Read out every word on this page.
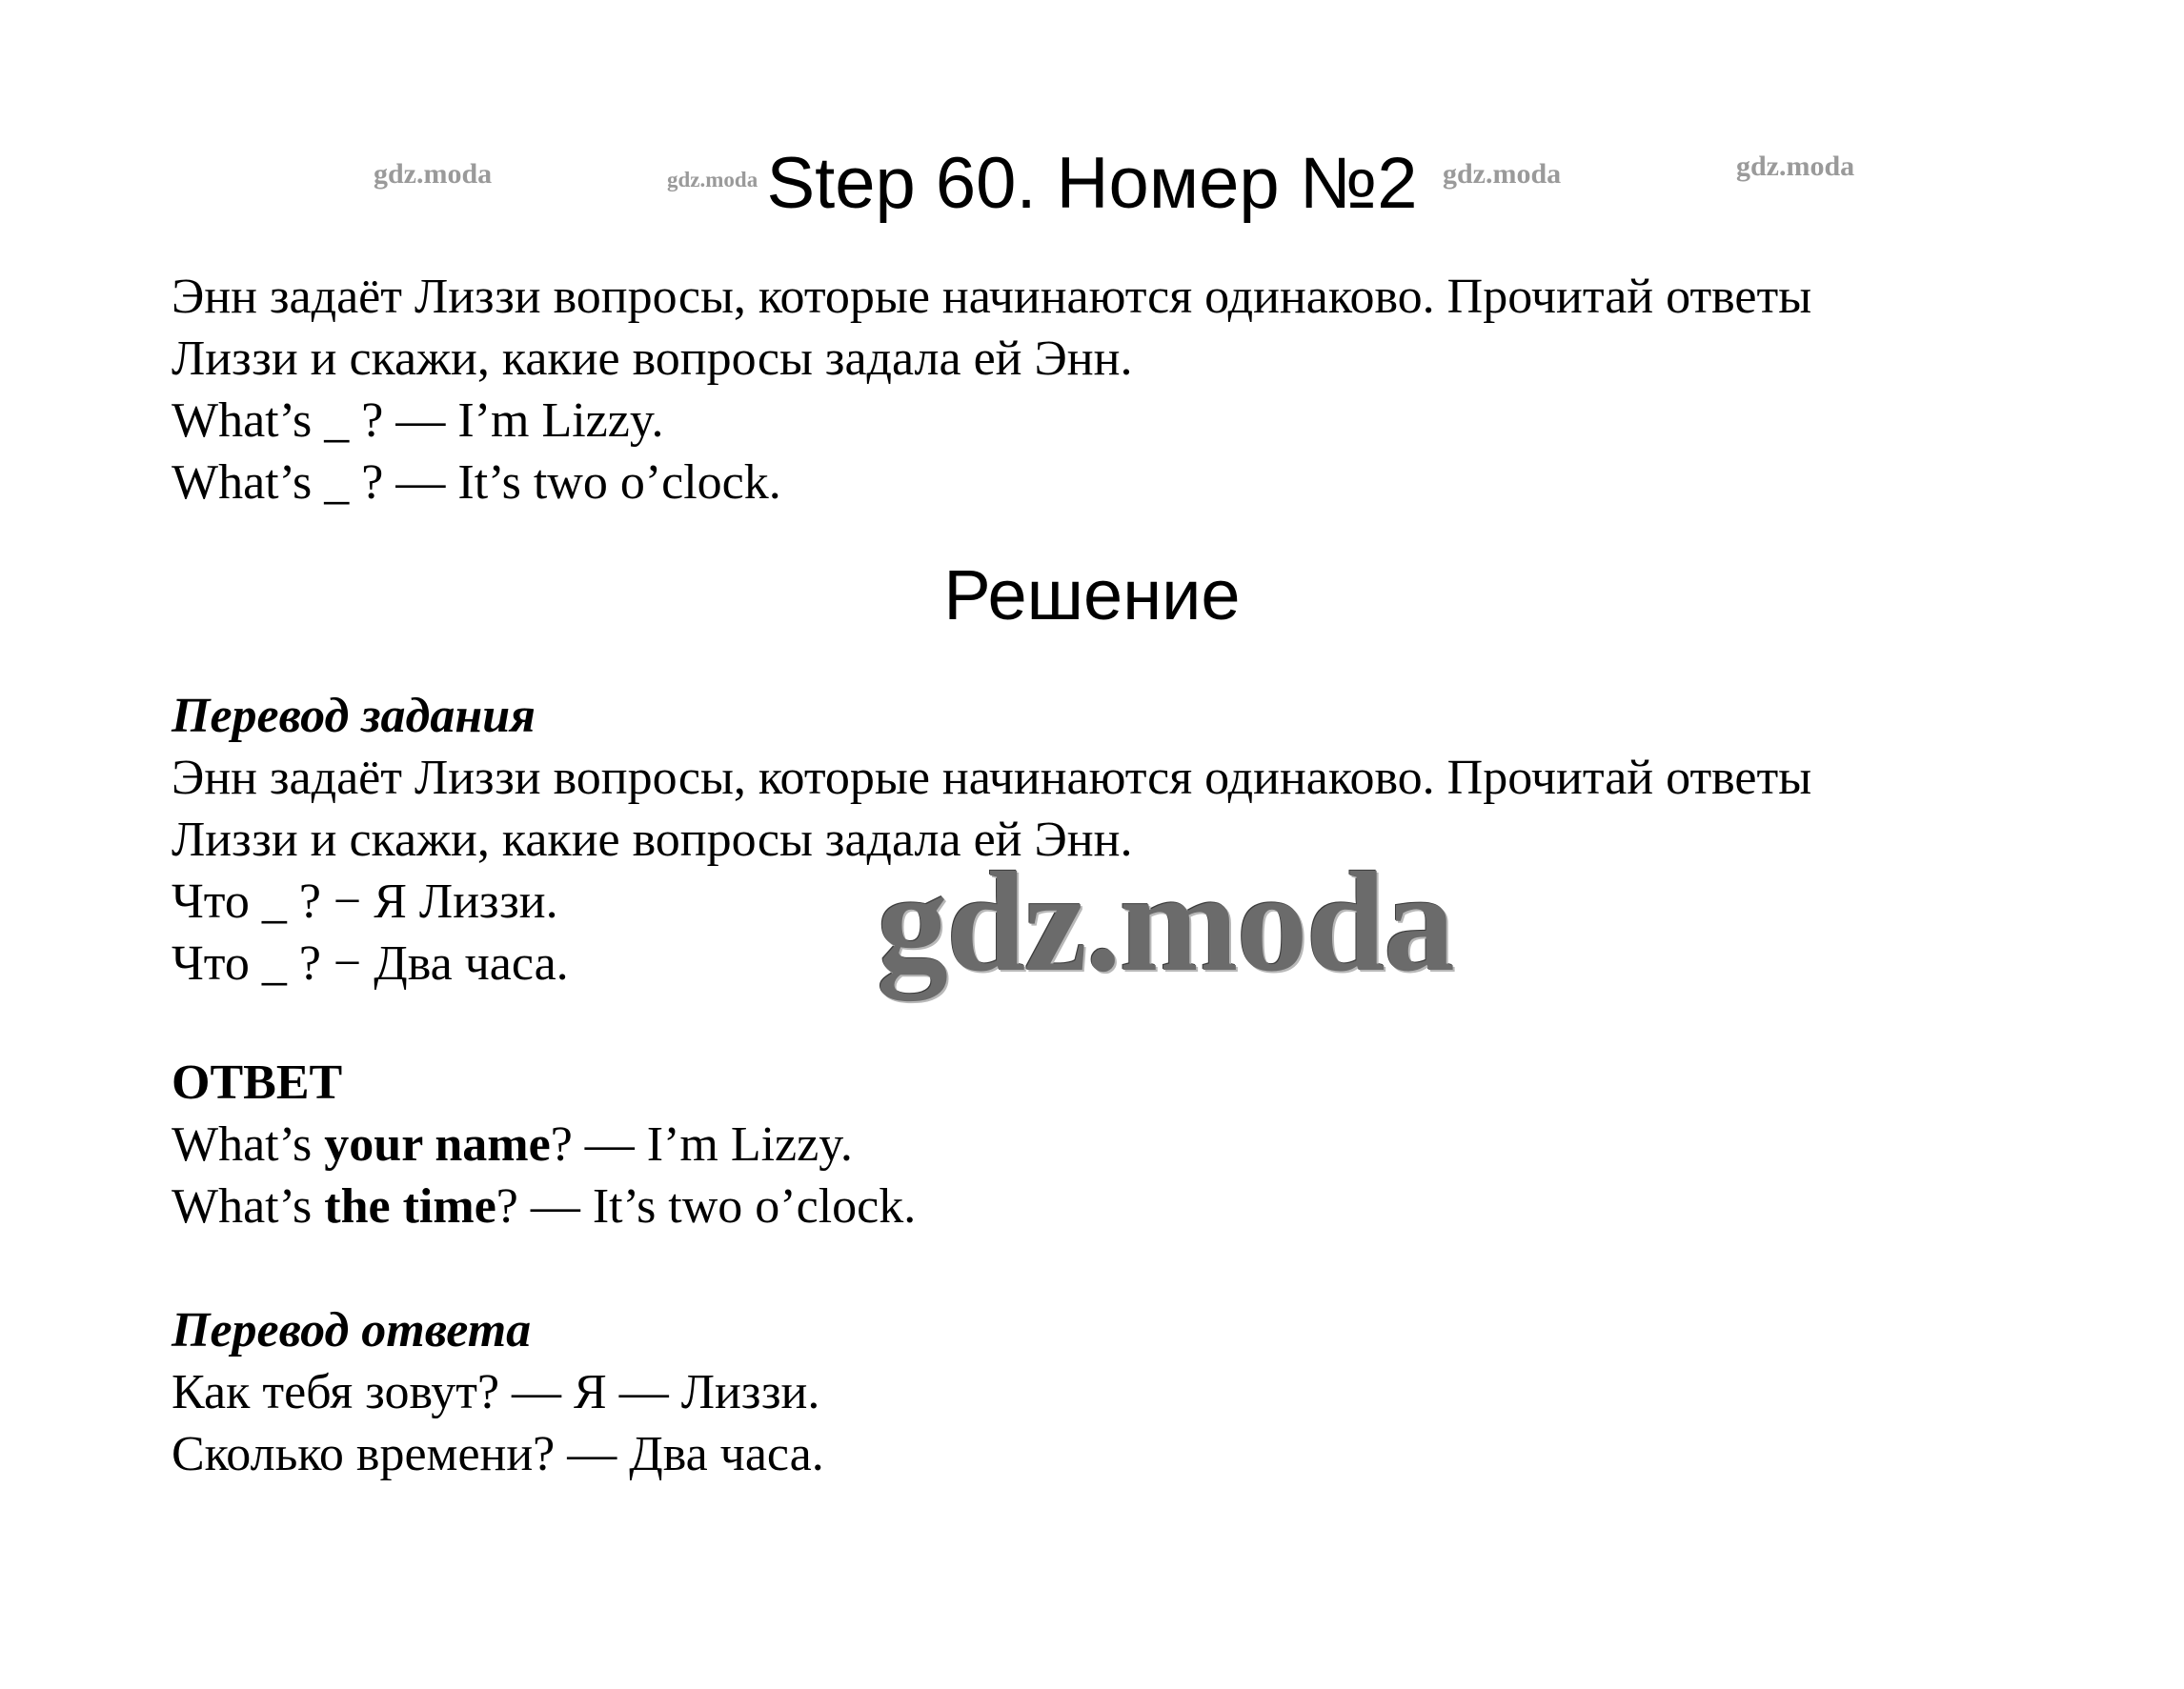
gdz.moda	gdz.moda	gdz.moda	gdz.moda
Step 60. Номер №2
Энн задаёт Лиззи вопросы, которые начинаются одинаково. Прочитай ответы
Лиззи и скажи, какие вопросы задала ей Энн.
What’s _ ? — I’m Lizzy.
What’s _ ? — It’s two o’clock.
Решение
Перевод задания
Энн задаёт Лиззи вопросы, которые начинаются одинаково. Прочитай ответы
Лиззи и скажи, какие вопросы задала ей Энн.
Что _ ? − Я Лиззи.
Что _ ? − Два часа. gdz.moda
ОТВЕТ
What’s your name? — I’m Lizzy.
What’s the time? — It’s two o’clock.
Перевод ответа
Как тебя зовут? — Я — Лиззи.
Сколько времени? — Два часа.
